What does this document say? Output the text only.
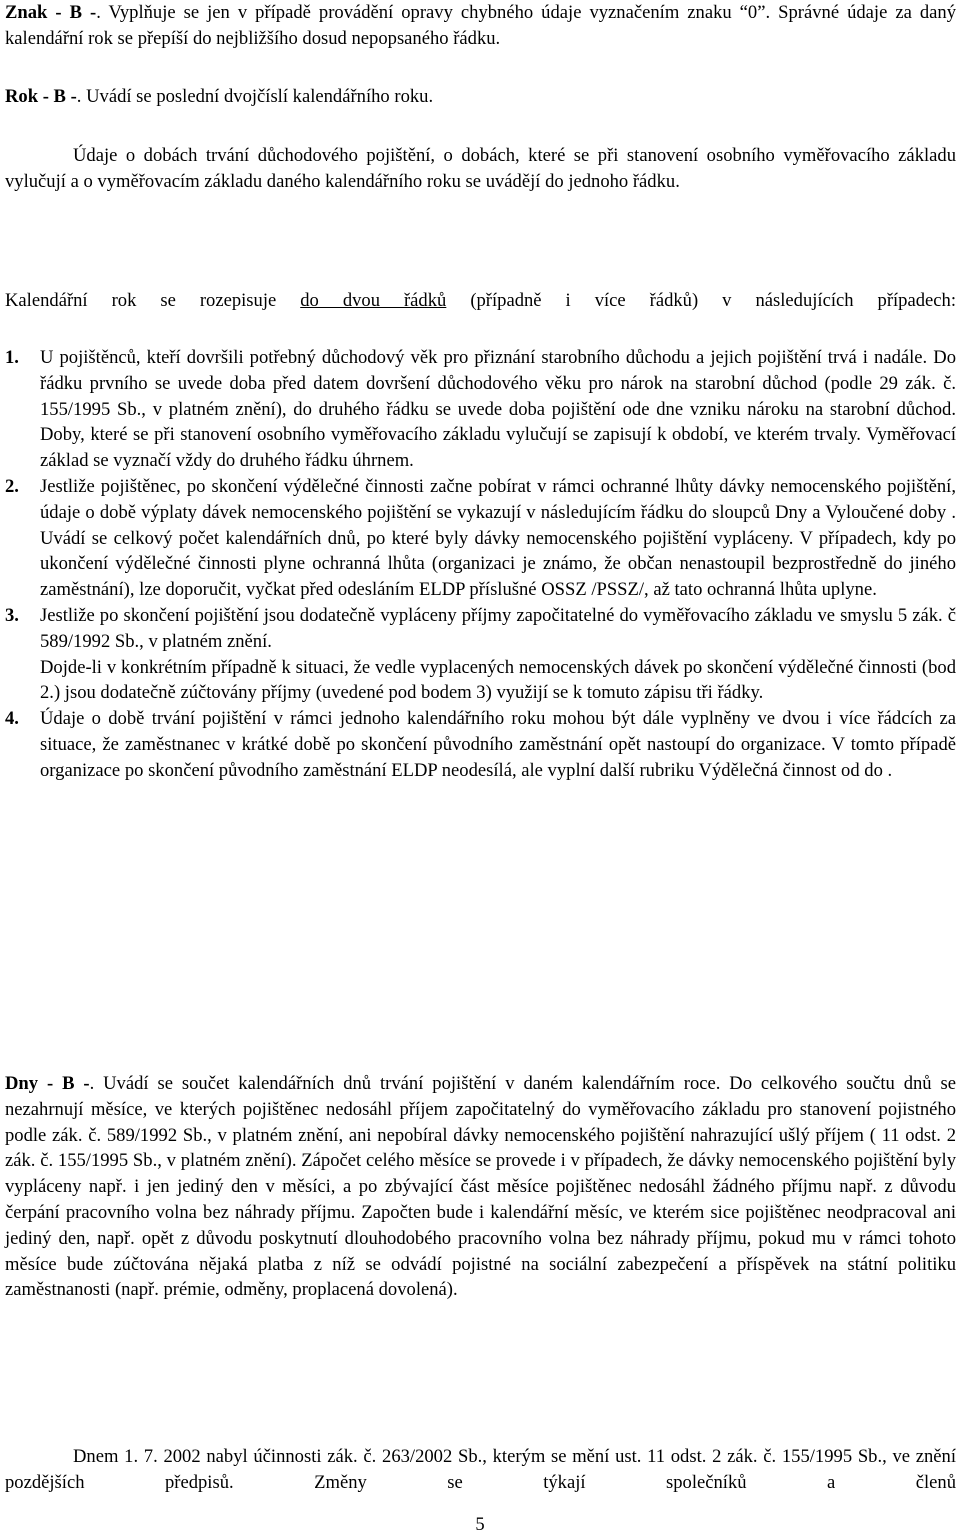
Znak - B -. Vyplňuje se jen v případě provádění opravy chybného údaje vyznačením znaku “0”. Správné údaje za daný kalendářní rok se přepíší do nejbližšího dosud nepopsaného řádku.

Rok - B -. Uvádí se poslední dvojčíslí kalendářního roku.

Údaje o dobách trvání důchodového pojištění, o dobách, které se při stanovení osobního vyměřovacího základu vylučují a o vyměřovacím základu daného kalendářního roku se uvádějí do jednoho řádku.

Kalendářní rok se rozepisuje do dvou řádků (případně i více řádků) v následujících případech:

1.	U pojištěnců, kteří dovršili potřebný důchodový věk pro přiznání starobního důchodu a jejich pojištění trvá i nadále. Do řádku prvního se uvede doba před datem dovršení důchodového věku pro nárok na starobní důchod (podle 29 zák. č. 155/1995 Sb., v platném znění), do druhého řádku se uvede doba pojištění ode dne vzniku nároku na starobní důchod. Doby, které se při stanovení osobního vyměřovacího základu vylučují se zapisují k období, ve kterém trvaly. Vyměřovací základ se vyznačí vždy do druhého řádku úhrnem.

2.	Jestliže pojištěnec, po skončení výdělečné činnosti začne pobírat v rámci ochranné lhůty dávky nemocenského pojištění, údaje o době výplaty dávek nemocenského pojištění se vykazují v následujícím řádku do sloupců Dny a Vyloučené doby . Uvádí se celkový počet kalendářních dnů, po které byly dávky nemocenského pojištění vypláceny. V případech, kdy po ukončení výdělečné činnosti plyne ochranná lhůta (organizaci je známo, že občan nenastoupil bezprostředně do jiného zaměstnání), lze doporučit, vyčkat před odesláním ELDP příslušné OSSZ /PSSZ/, až tato ochranná lhůta uplyne.

3.	Jestliže po skončení pojištění jsou dodatečně vypláceny příjmy započitatelné do vyměřovacího základu ve smyslu 5 zák. č 589/1992 Sb., v platném znění.

Dojde-li v konkrétním případně k situaci, že vedle vyplacených nemocenských dávek po skončení výdělečné činnosti (bod 2.) jsou dodatečně zúčtovány příjmy (uvedené pod bodem 3) využijí se k tomuto zápisu tři řádky.

4.	Údaje o době trvání pojištění v rámci jednoho kalendářního roku mohou být dále vyplněny ve dvou i více řádcích za situace, že zaměstnanec v krátké době po skončení původního zaměstnání opět nastoupí do organizace. V tomto případě organizace po skončení původního zaměstnání ELDP neodesílá, ale vyplní další rubriku Výdělečná činnost od do .

Dny - B -. Uvádí se součet kalendářních dnů trvání pojištění v daném kalendářním roce. Do celkového součtu dnů se nezahrnují měsíce, ve kterých pojištěnec nedosáhl příjem započitatelný do vyměřovacího základu pro stanovení pojistného podle zák. č. 589/1992 Sb., v platném znění, ani nepobíral dávky nemocenského pojištění nahrazující ušlý příjem ( 11 odst. 2 zák. č. 155/1995 Sb., v platném znění). Zápočet celého měsíce se provede i v případech, že dávky nemocenského pojištění byly vypláceny např. i jen jediný den v měsíci, a po zbývající část měsíce pojištěnec nedosáhl žádného příjmu např. z důvodu čerpání pracovního volna bez náhrady příjmu. Započten bude i kalendářní měsíc, ve kterém sice pojištěnec neodpracoval ani jediný den, např. opět z důvodu poskytnutí dlouhodobého pracovního volna bez náhrady příjmu, pokud mu v rámci tohoto měsíce bude zúčtována nějaká platba z níž se odvádí pojistné na sociální zabezpečení a příspěvek na státní politiku zaměstnanosti (např. prémie, odměny, proplacená dovolená).

Dnem 1. 7. 2002 nabyl účinnosti zák. č. 263/2002 Sb., kterým se mění ust. 11 odst. 2 zák. č. 155/1995 Sb., ve znění pozdějších předpisů. Změny se týkají společníků a členů

5
